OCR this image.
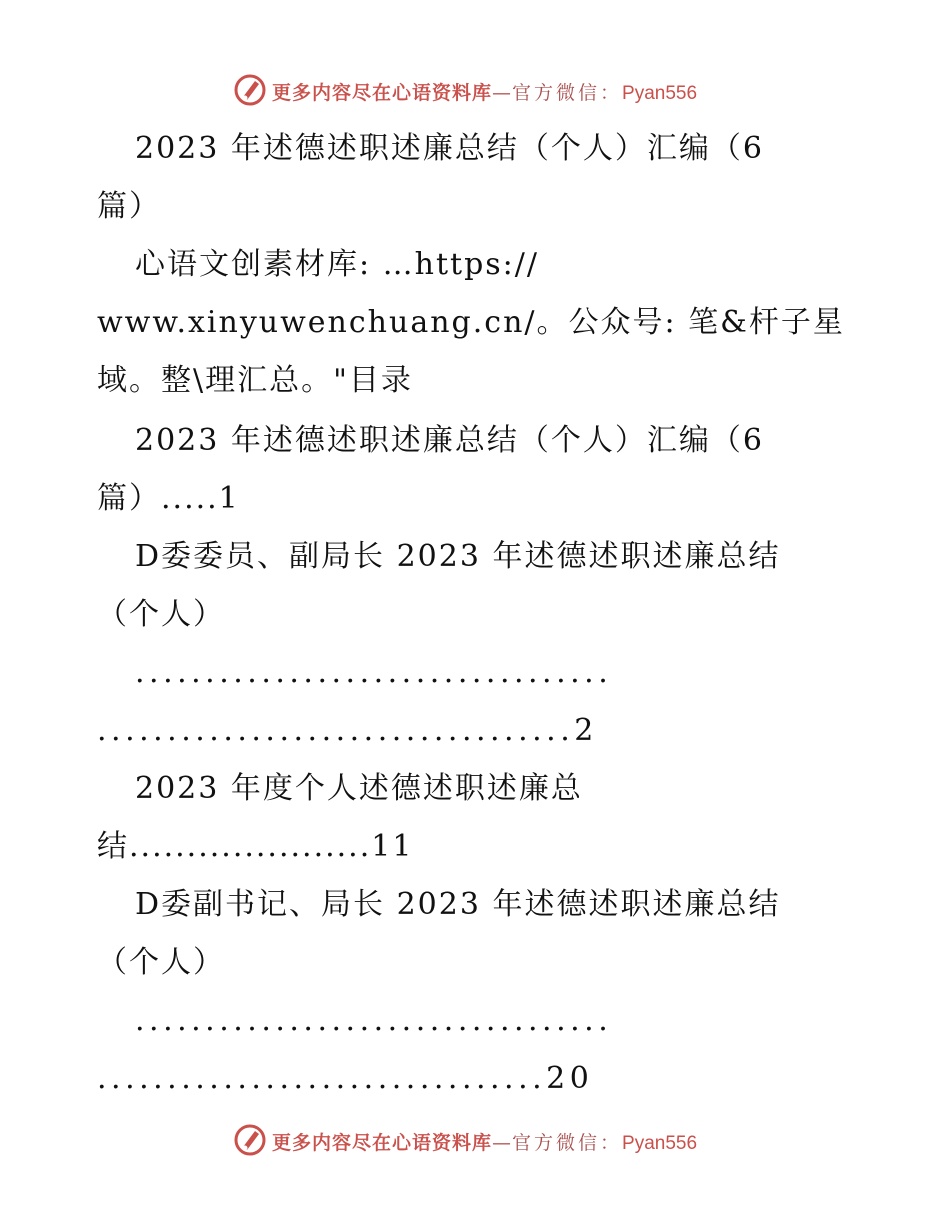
更多内容尽在心语资料库—官方微信：Pyan556
2023 年述德述职述廉总结（个人）汇编（6
篇）
心语文创素材库: …https://
www.xinyuwenchuang.cn/。公众号: 笔&杆子星
域。整\理汇总。"目录
2023 年述德述职述廉总结（个人）汇编（6
篇）.....1
D委委员、副局长 2023 年述德述职述廉总结
（个人）
..................................
..................................2
2023 年度个人述德述职述廉总
结.....................11
D委副书记、局长 2023 年述德述职述廉总结
（个人）
..................................
................................20
更多内容尽在心语资料库—官方微信：Pyan556
